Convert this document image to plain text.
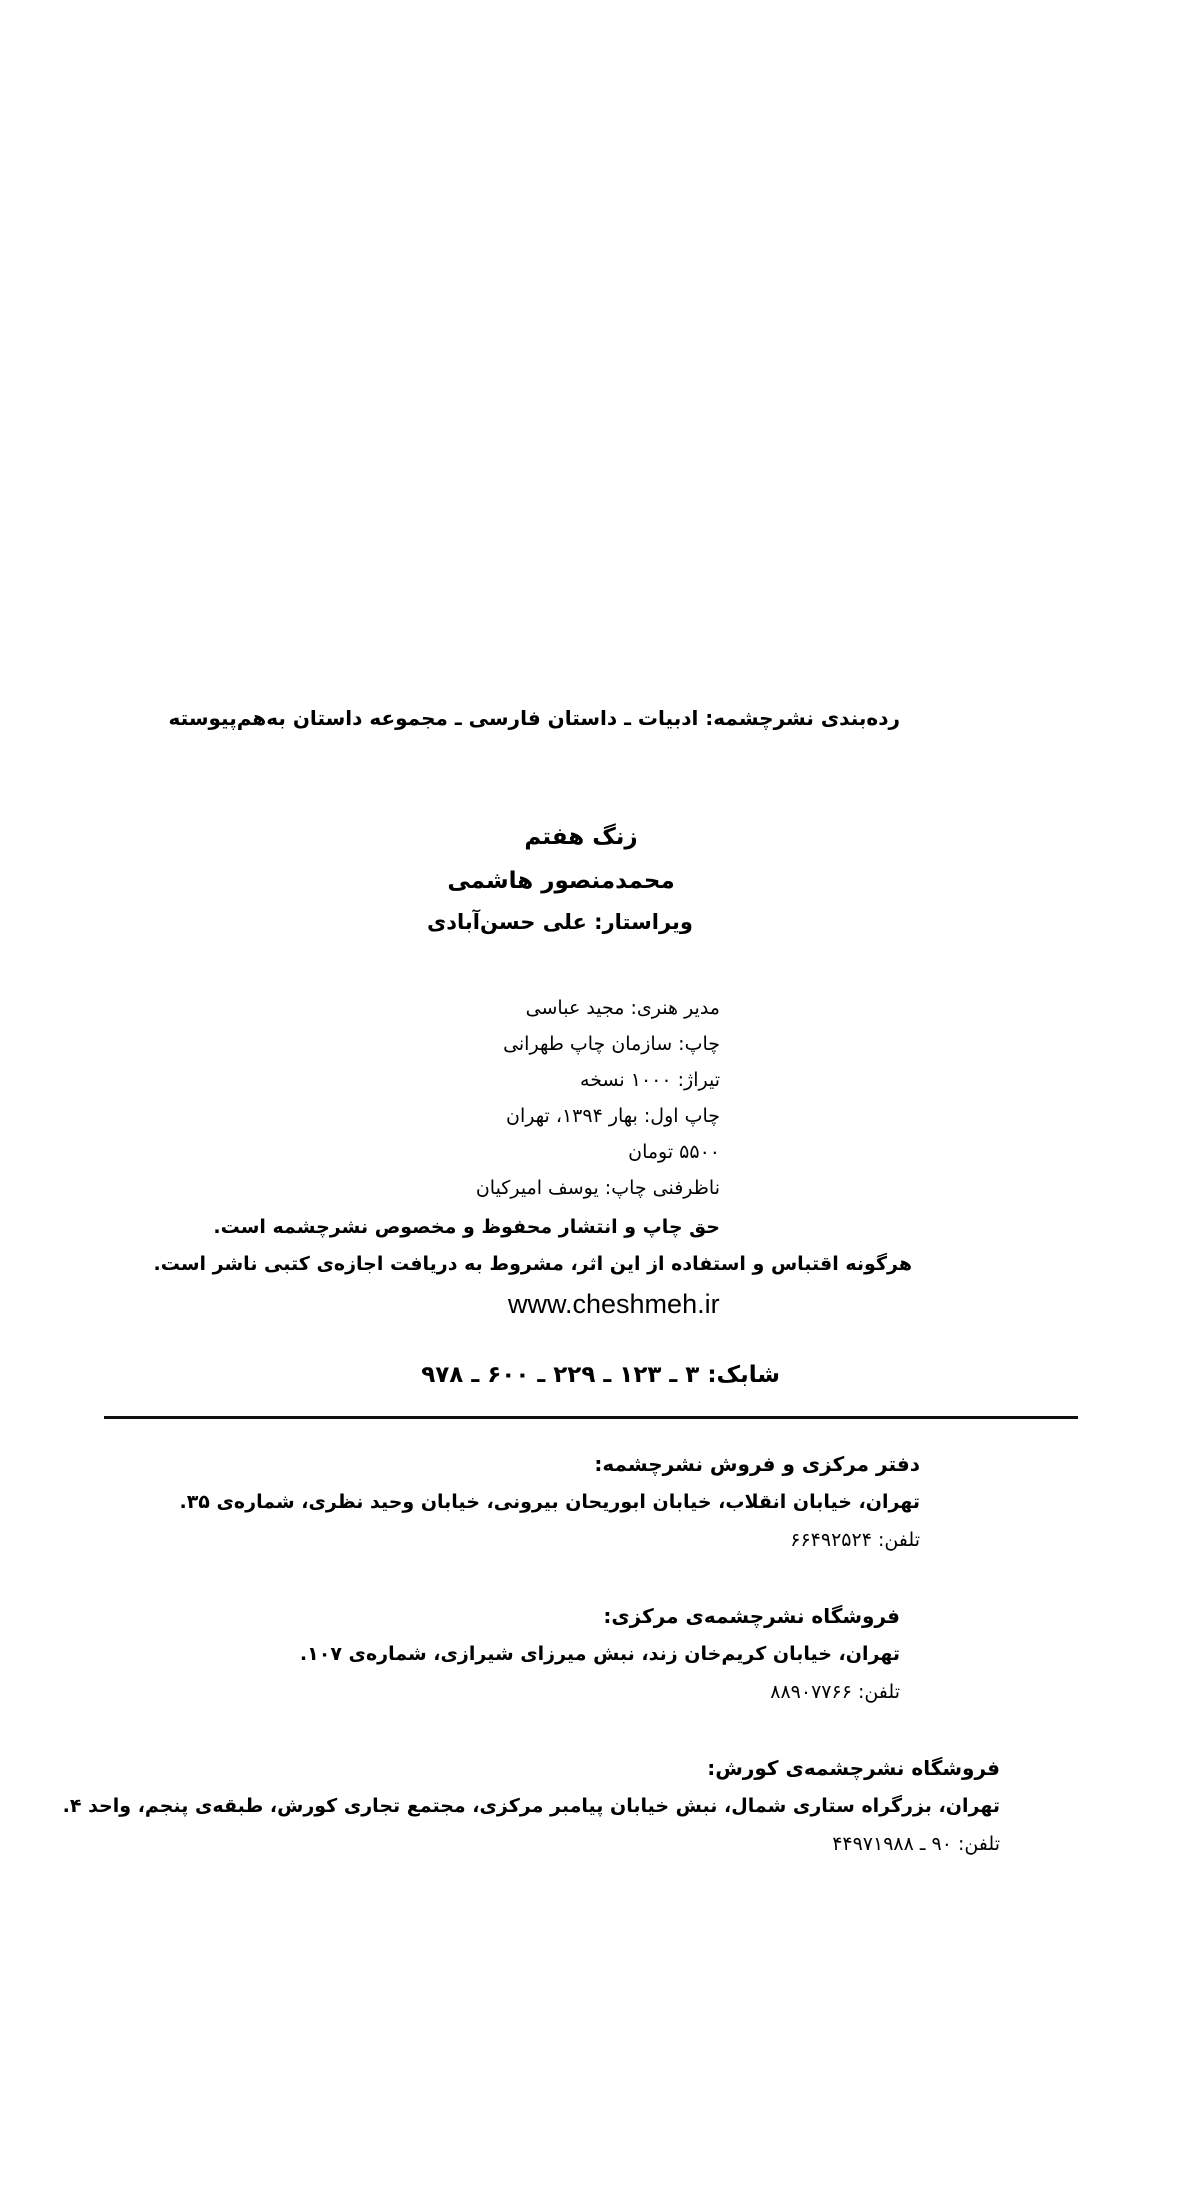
رده‌بندی نشرچشمه: ادبیات ـ داستان فارسی ـ مجموعه داستان به‌هم‌پیوسته
زنگ هفتم
محمدمنصور هاشمی
ویراستار: علی حسن‌آبادی
مدیر هنری: مجید عباسی
چاپ: سازمان چاپ طهرانی
تیراژ: ۱۰۰۰ نسخه
چاپ اول: بهار ۱۳۹۴، تهران
۵۵۰۰ تومان
ناظرفنی چاپ: یوسف امیرکیان
حق چاپ و انتشار محفوظ و مخصوص نشرچشمه است.
هرگونه اقتباس و استفاده از این اثر، مشروط به دریافت اجازه‌ی کتبی ناشر است.
www.cheshmeh.ir
شابک: ۳ ـ ۱۲۳ ـ ۲۲۹ ـ ۶۰۰ ـ ۹۷۸
دفتر مرکزی و فروش نشرچشمه:
تهران، خیابان انقلاب، خیابان ابوریحان بیرونی، خیابان وحید نظری، شماره‌ی ۳۵.
تلفن: ۶۶۴۹۲۵۲۴
فروشگاه نشرچشمه‌ی مرکزی:
تهران، خیابان کریم‌خان زند، نبش میرزای شیرازی، شماره‌ی ۱۰۷.
تلفن: ۸۸۹۰۷۷۶۶
فروشگاه نشرچشمه‌ی کورش:
تهران، بزرگراه ستاری شمال، نبش خیابان پیامبر مرکزی، مجتمع تجاری کورش، طبقه‌ی پنجم، واحد ۴.
تلفن: ۹۰ ـ ۴۴۹۷۱۹۸۸
